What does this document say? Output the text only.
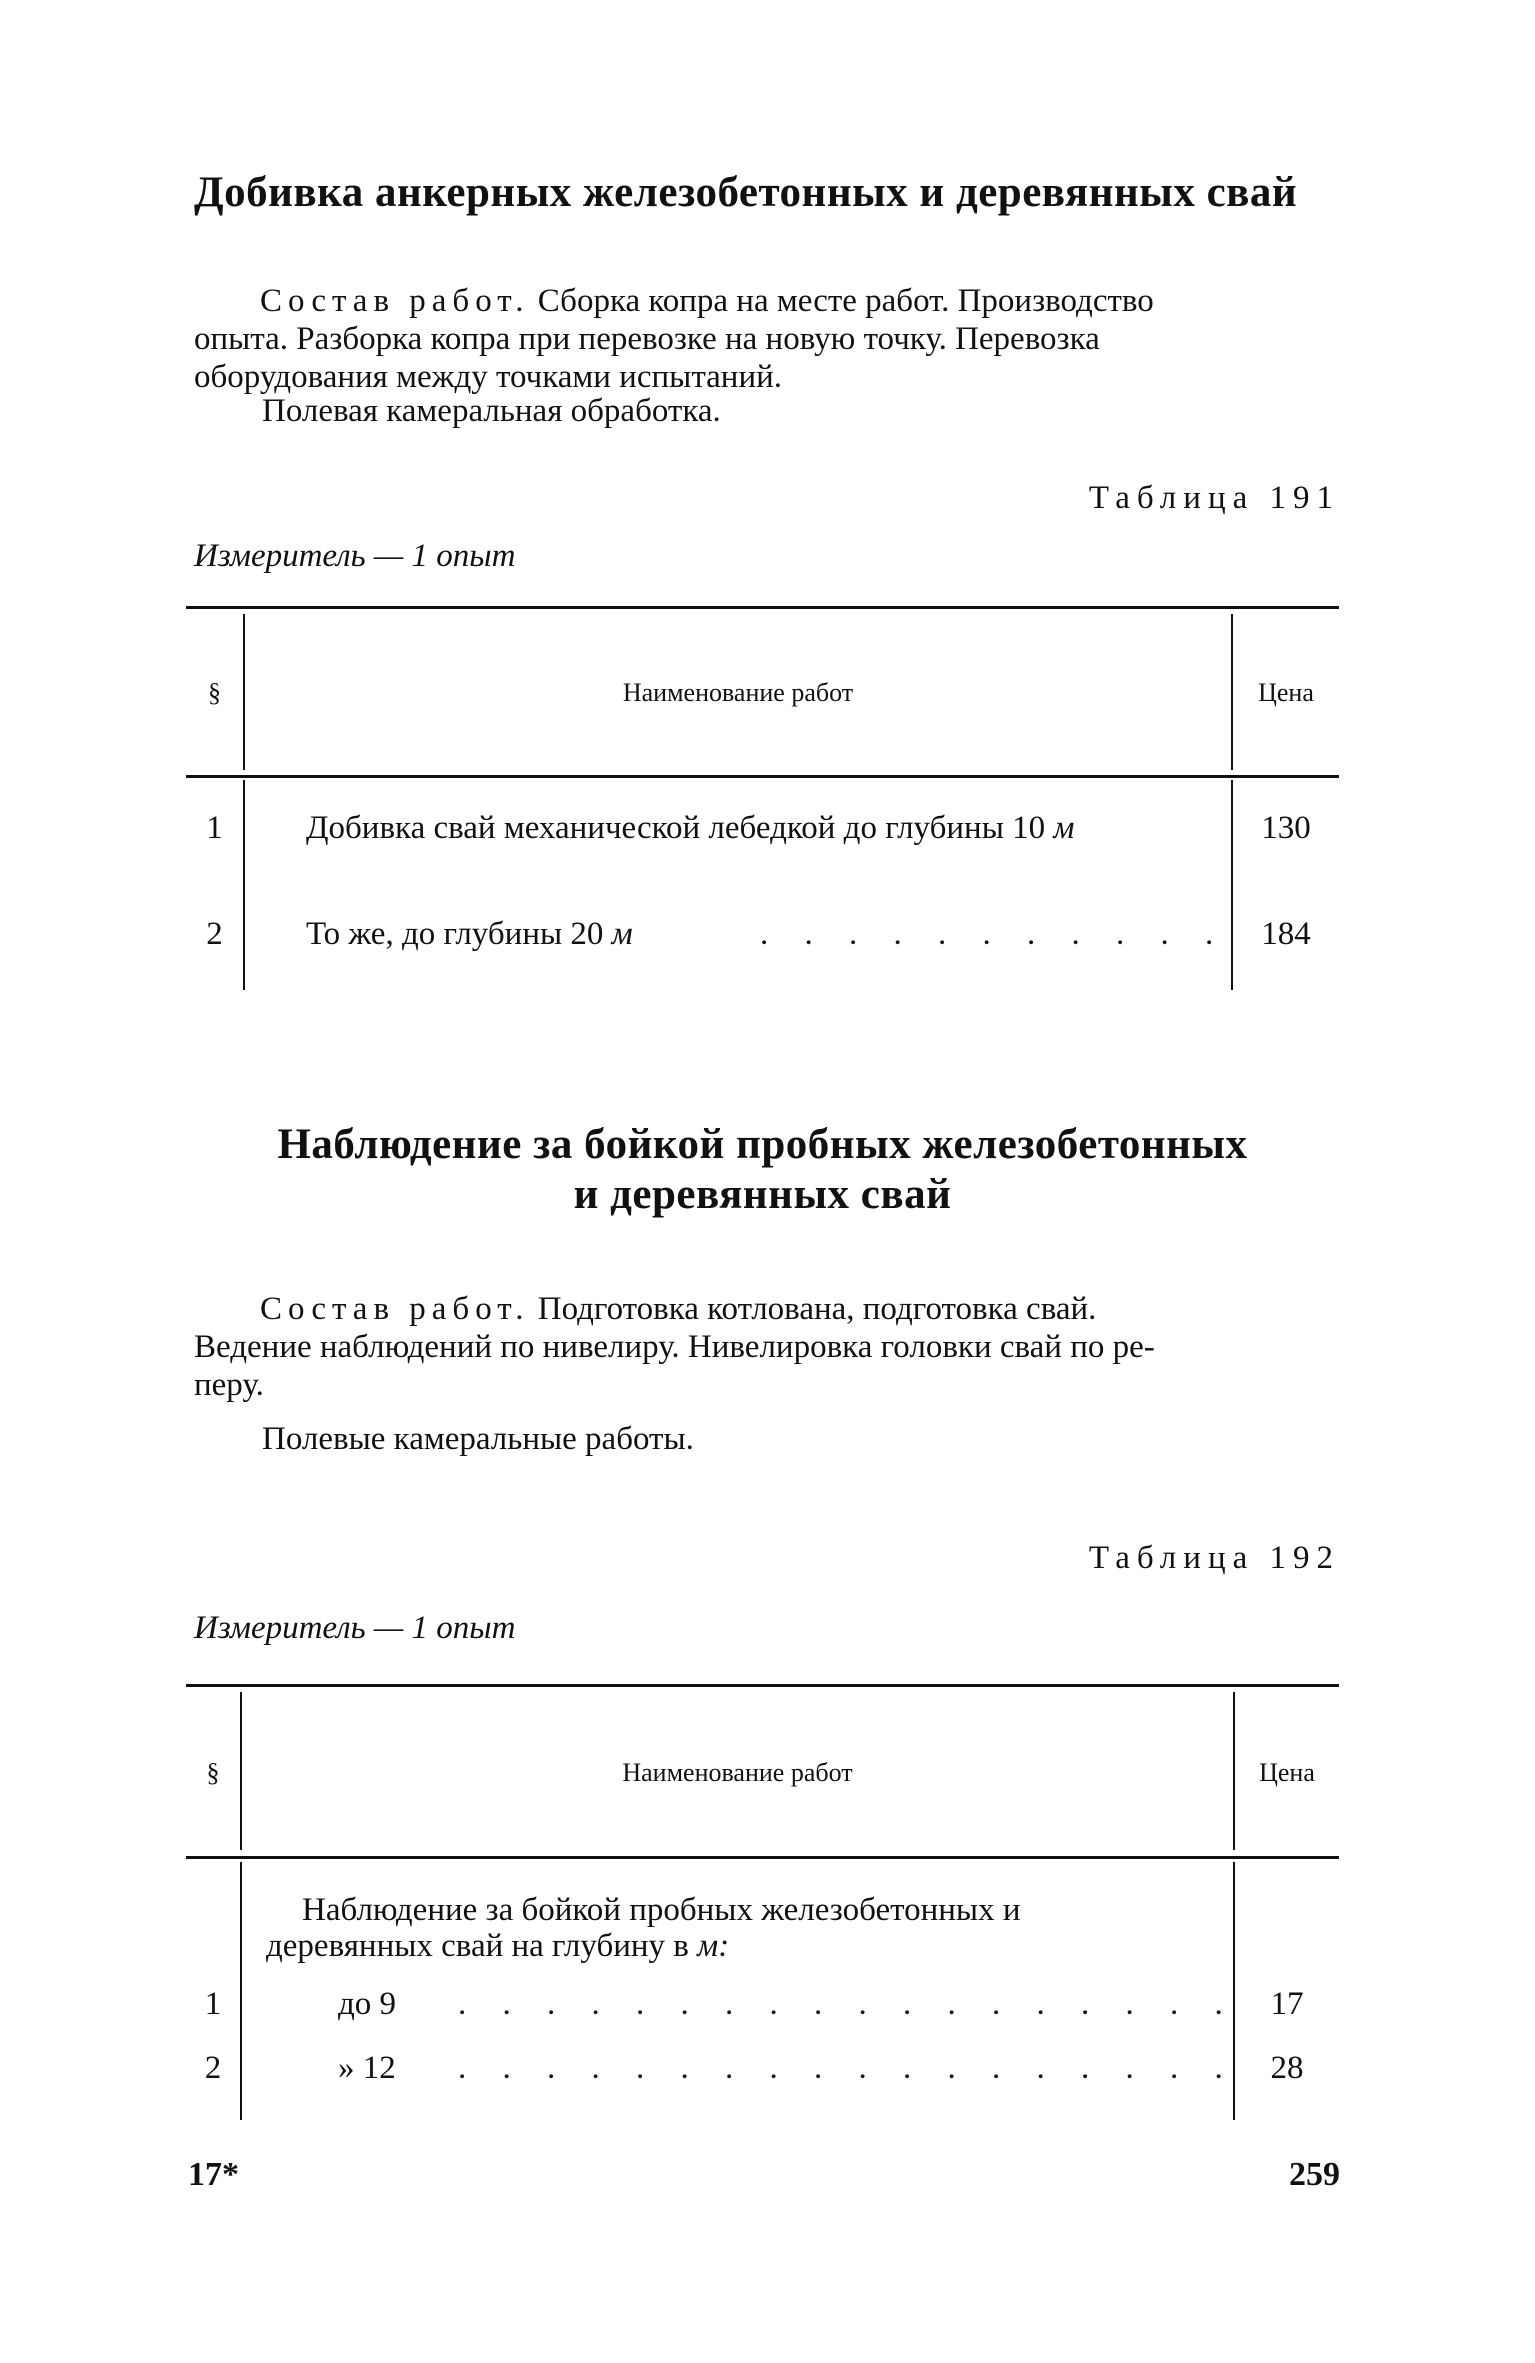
Добивка анкерных железобетонных и деревянных свай
Состав работ. Сборка копра на месте работ. Производство
опыта. Разборка копра при перевозке на новую точку. Перевозка
оборудования между точками испытаний.
Полевая камеральная обработка.
Таблица 191
Измеритель — 1 опыт
§	Наименование работ	Цена
1	Добивка свай механической лебедкой до глубины 10 м	130
2	То же, до глубины 20 м	. . . . . . . . . . .	184
Наблюдение за бойкой пробных железобетонных
и деревянных свай
Состав работ. Подготовка котлована, подготовка свай.
Ведение наблюдений по нивелиру. Нивелировка головки свай по ре-
перу.
Полевые камеральные работы.
Таблица 192
Измеритель — 1 опыт
§	Наименование работ	Цена
Наблюдение за бойкой пробных железобетонных и
деревянных свай на глубину в м:
1	до 9 . . . . . . . . . . . . . . . . . .	17
2	» 12 . . . . . . . . . . . . . . . . . .	28
17*	259
